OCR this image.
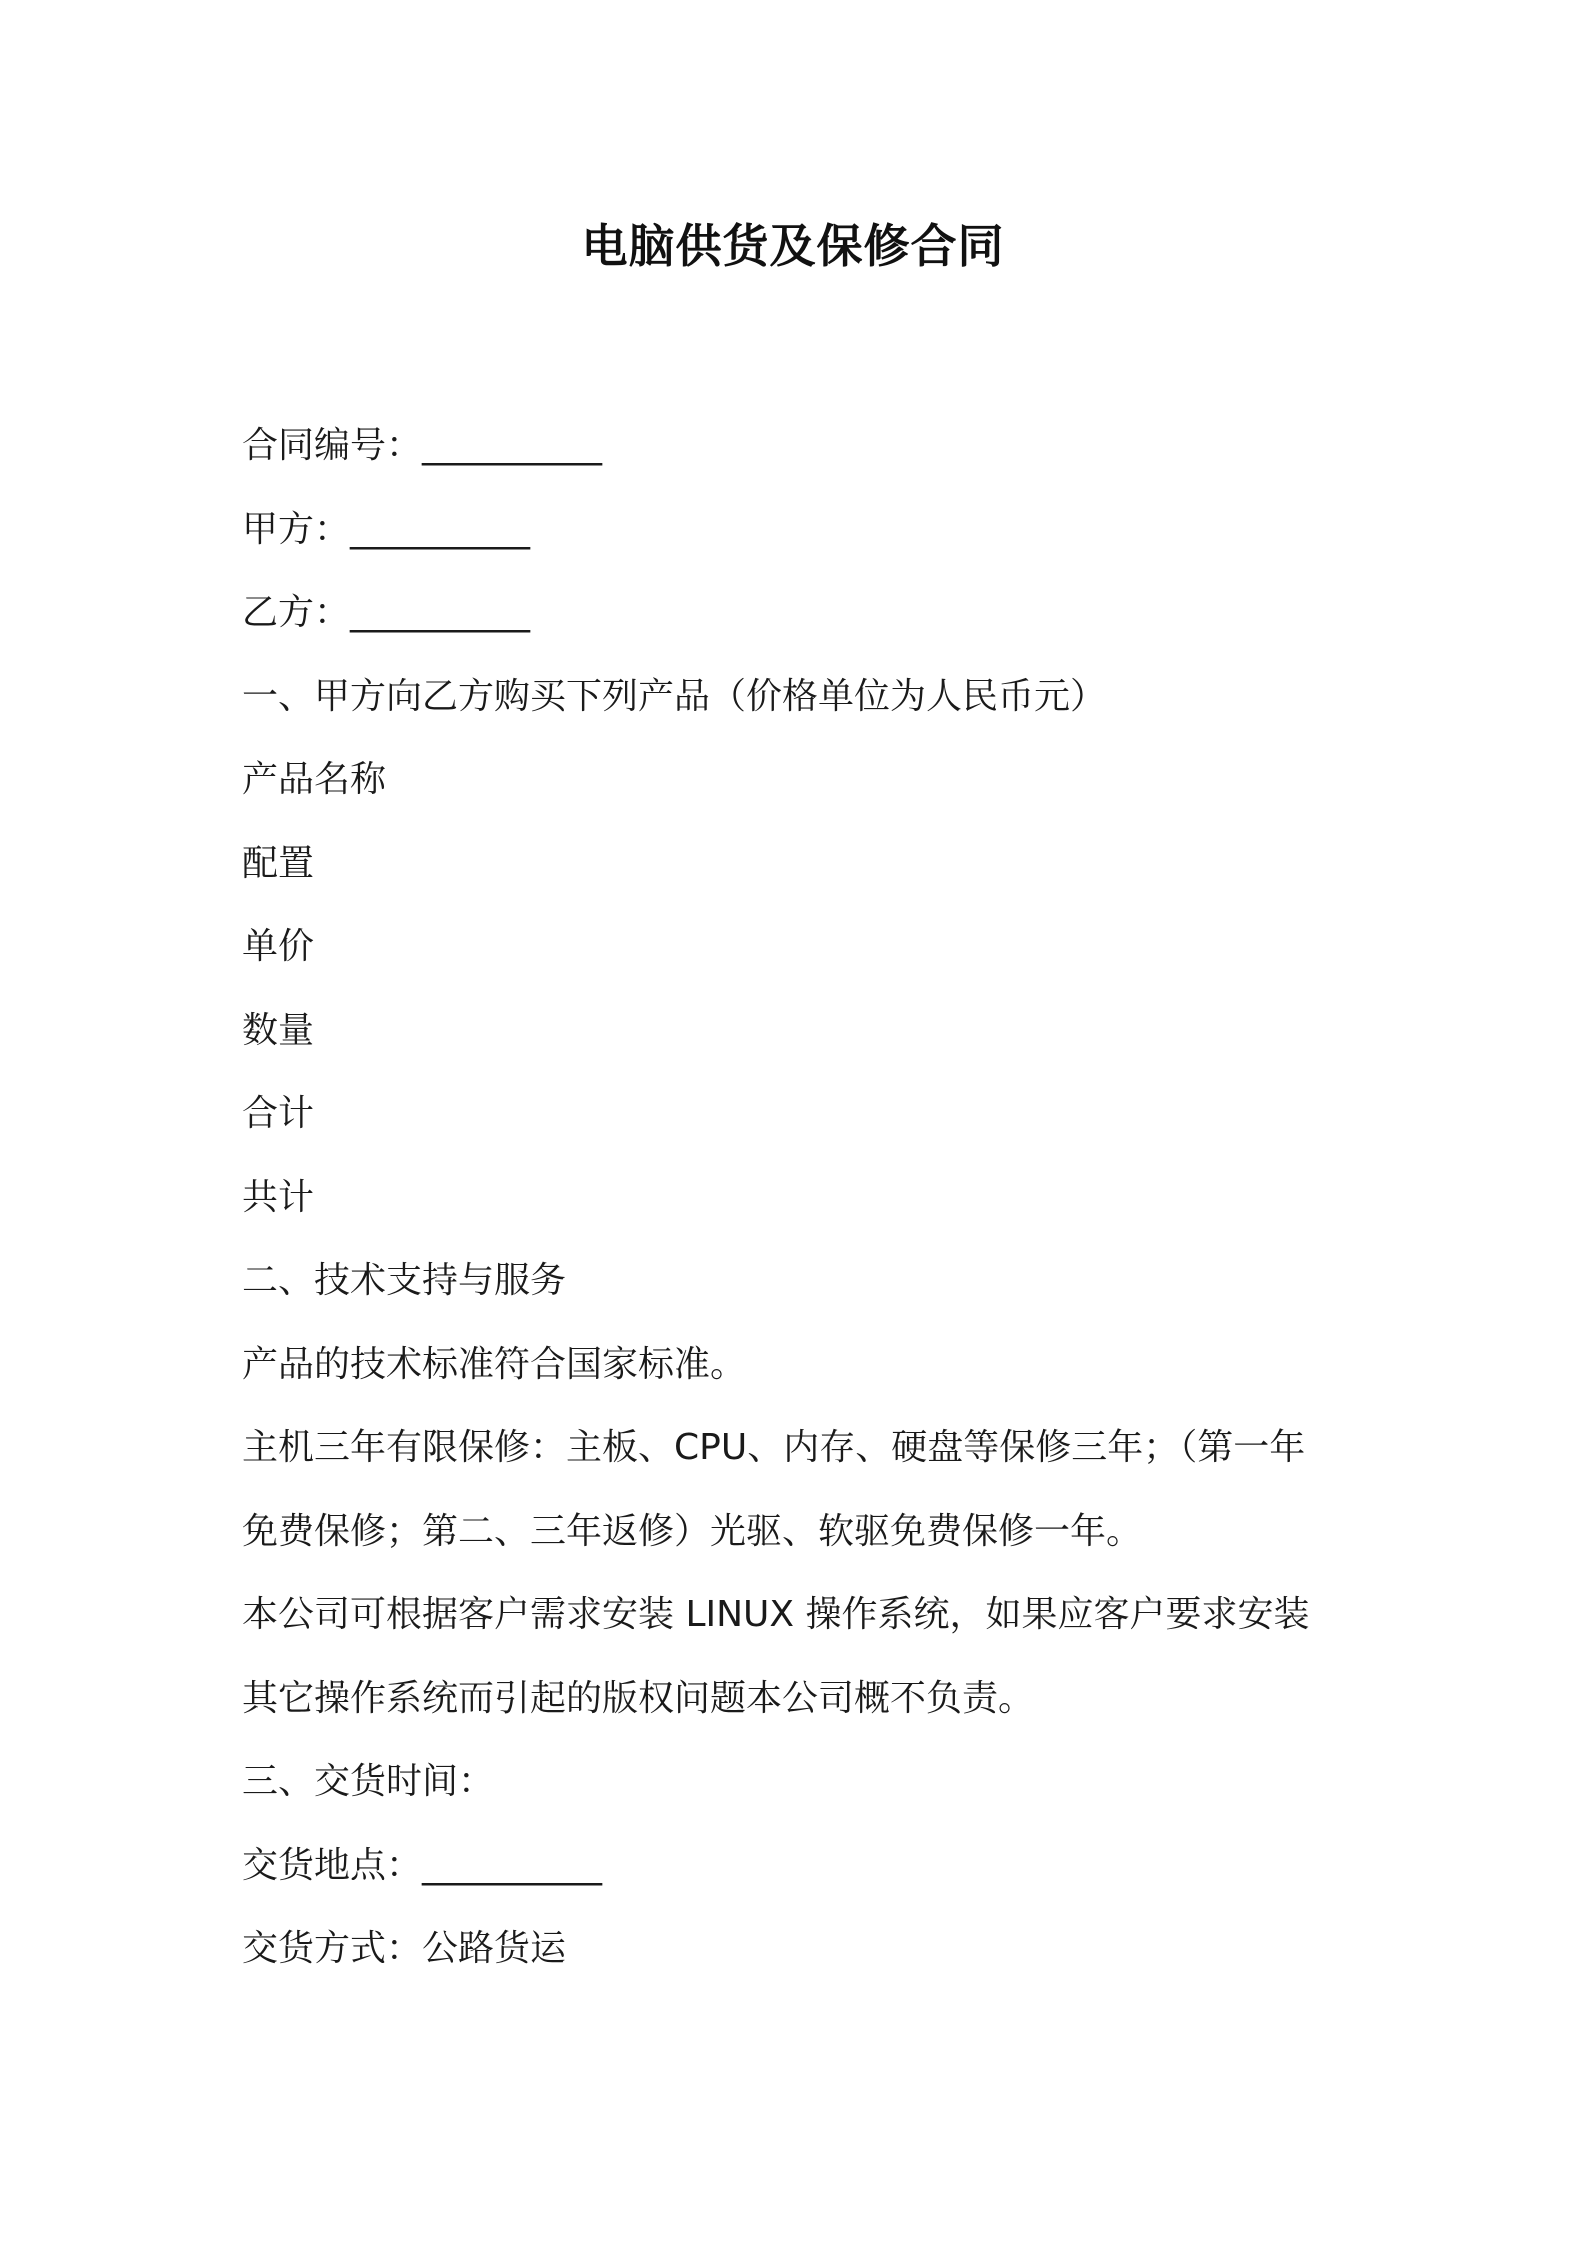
电脑供货及保修合同
合同编号：__________
甲方：__________
乙方：__________
一、甲方向乙方购买下列产品（价格单位为人民币元）
产品名称
配置
单价
数量
合计
共计
二、技术支持与服务
产品的技术标准符合国家标准。
主机三年有限保修：主板、CPU、内存、硬盘等保修三年；（第一年
免费保修；第二、三年返修）光驱、软驱免费保修一年。
本公司可根据客户需求安装 LINUX 操作系统，如果应客户要求安装
其它操作系统而引起的版权问题本公司概不负责。
三、交货时间：
交货地点：__________
交货方式：公路货运
